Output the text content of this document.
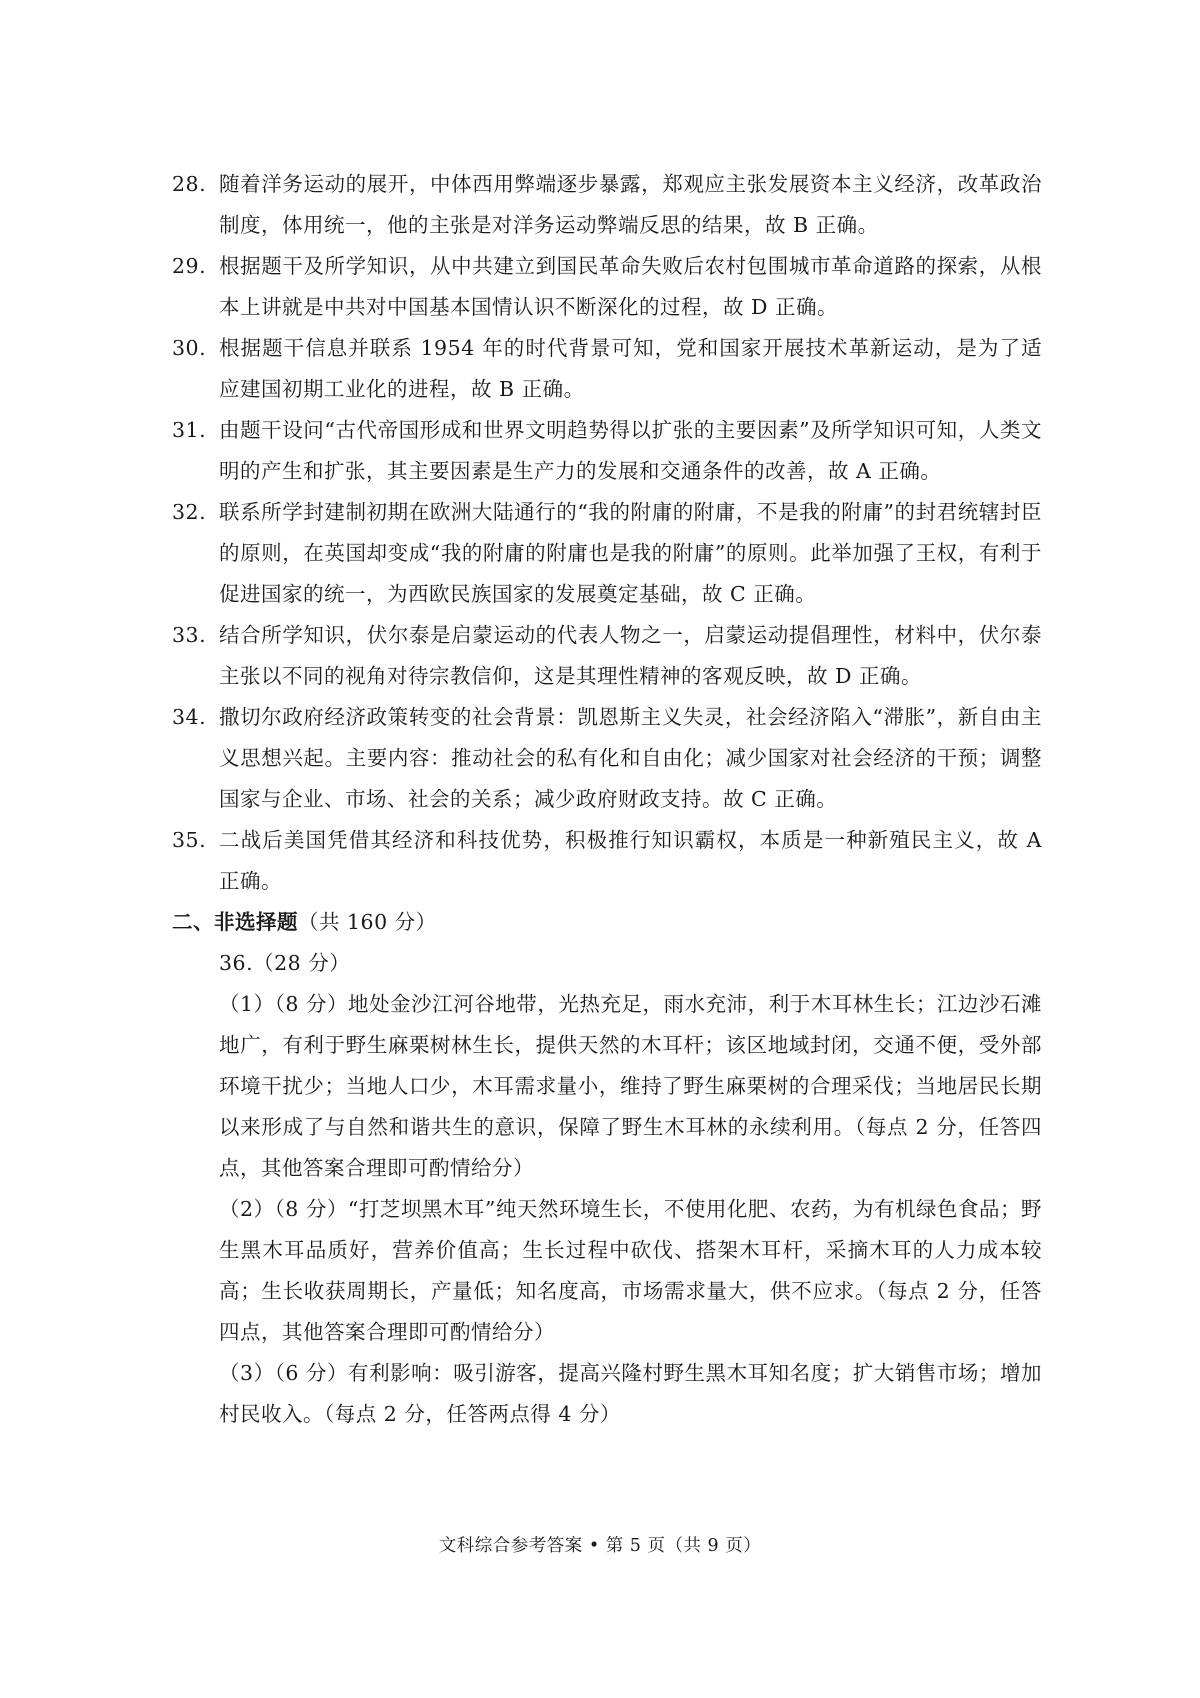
28. 随着洋务运动的展开，中体西用弊端逐步暴露，郑观应主张发展资本主义经济，改革政治制度，体用统一，他的主张是对洋务运动弊端反思的结果，故 B 正确。
29. 根据题干及所学知识，从中共建立到国民革命失败后农村包围城市革命道路的探索，从根本上讲就是中共对中国基本国情认识不断深化的过程，故 D 正确。
30. 根据题干信息并联系 1954 年的时代背景可知，党和国家开展技术革新运动，是为了适应建国初期工业化的进程，故 B 正确。
31. 由题干设问“古代帝国形成和世界文明趋势得以扩张的主要因素”及所学知识可知，人类文明的产生和扩张，其主要因素是生产力的发展和交通条件的改善，故 A 正确。
32. 联系所学封建制初期在欧洲大陆通行的“我的附庸的附庸，不是我的附庸”的封君统辖封臣的原则，在英国却变成“我的附庸的附庸也是我的附庸”的原则。此举加强了王权，有利于促进国家的统一，为西欧民族国家的发展奠定基础，故 C 正确。
33. 结合所学知识，伏尔泰是启蒙运动的代表人物之一，启蒙运动提倡理性，材料中，伏尔泰主张以不同的视角对待宗教信仰，这是其理性精神的客观反映，故 D 正确。
34. 撒切尔政府经济政策转变的社会背景：凯恩斯主义失灵，社会经济陷入“滞胀”，新自由主义思想兴起。主要内容：推动社会的私有化和自由化；减少国家对社会经济的干预；调整国家与企业、市场、社会的关系；减少政府财政支持。故 C 正确。
35. 二战后美国凭借其经济和科技优势，积极推行知识霸权，本质是一种新殖民主义，故 A 正确。
二、非选择题（共 160 分）
36.（28 分）
（1）（8 分）地处金沙江河谷地带，光热充足，雨水充沛，利于木耳林生长；江边沙石滩地广，有利于野生麻栗树林生长，提供天然的木耳杆；该区地域封闭，交通不便，受外部环境干扰少；当地人口少，木耳需求量小，维持了野生麻栗树的合理采伐；当地居民长期以来形成了与自然和谐共生的意识，保障了野生木耳林的永续利用。（每点 2 分，任答四点，其他答案合理即可酌情给分）
（2）（8 分）“打芝坝黑木耳”纯天然环境生长，不使用化肥、农药，为有机绿色食品；野生黑木耳品质好，营养价值高；生长过程中砍伐、搭架木耳杆，采摘木耳的人力成本较高；生长收获周期长，产量低；知名度高，市场需求量大，供不应求。（每点 2 分，任答四点，其他答案合理即可酌情给分）
（3）（6 分）有利影响：吸引游客，提高兴隆村野生黑木耳知名度；扩大销售市场；增加村民收入。（每点 2 分，任答两点得 4 分）
文科综合参考答案 • 第 5 页（共 9 页）
